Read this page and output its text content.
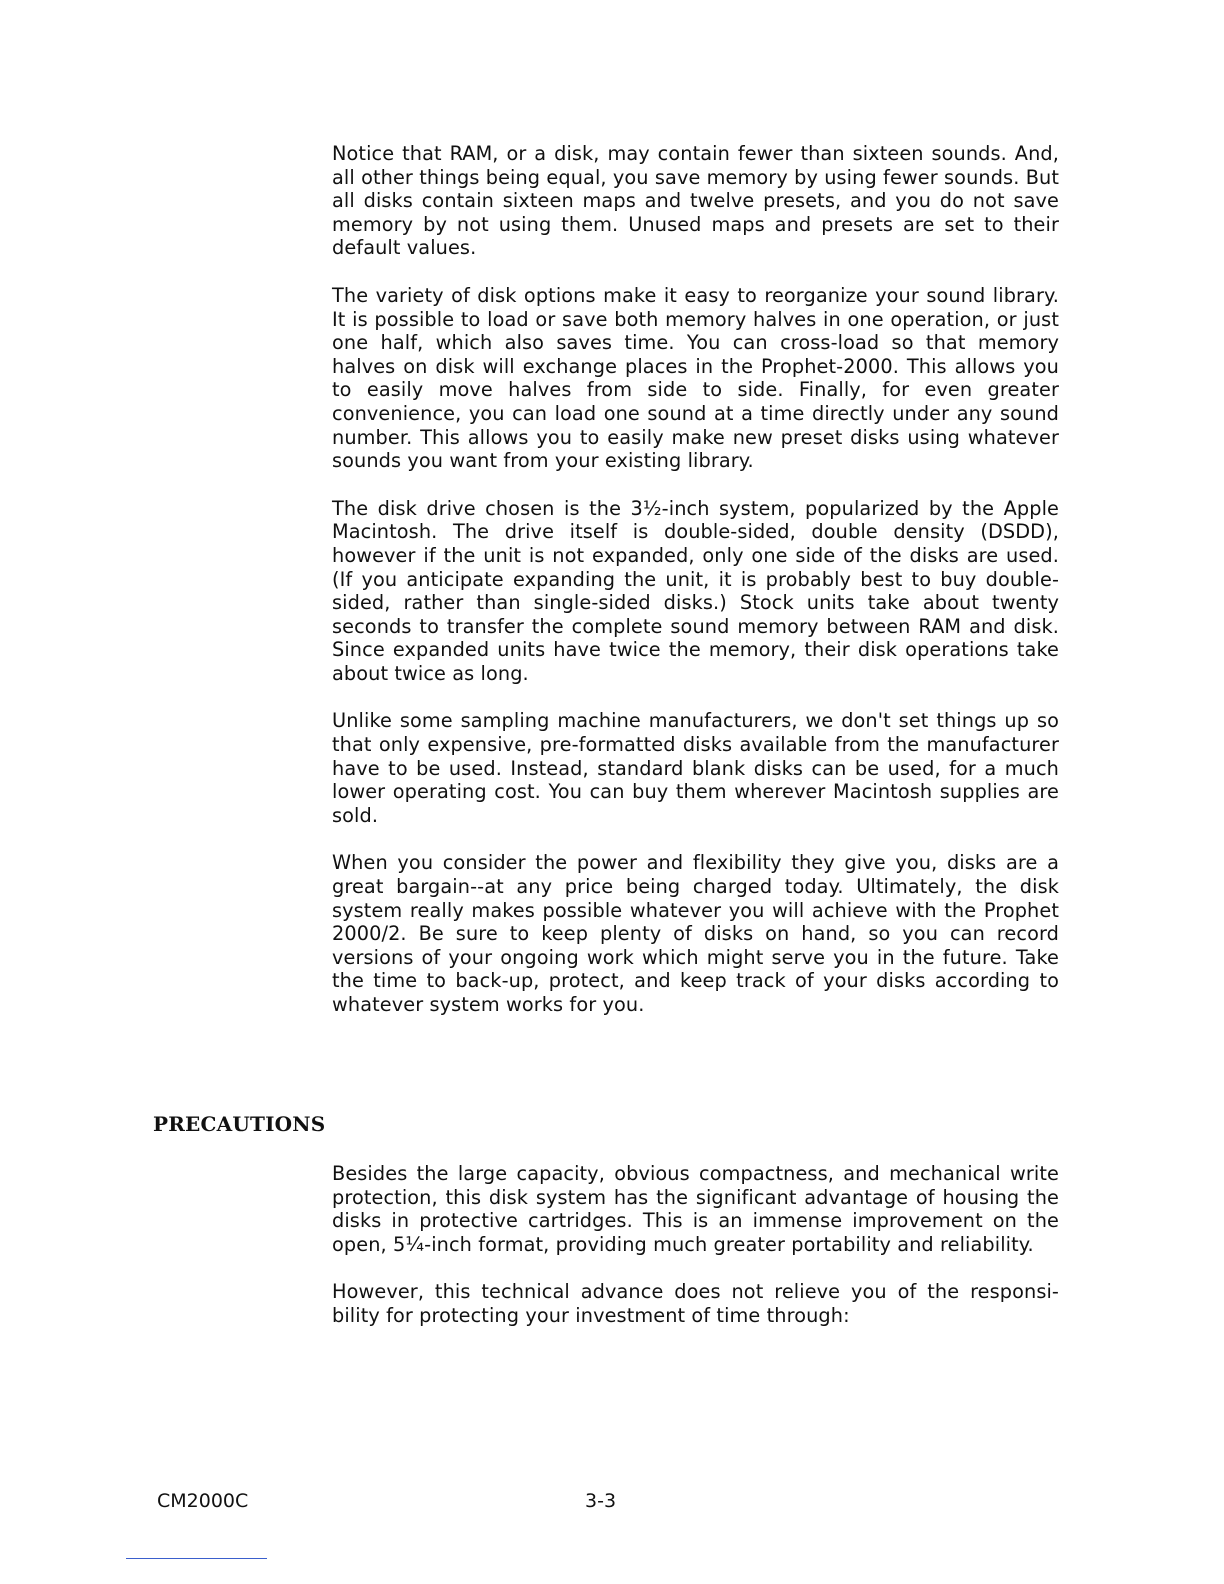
Notice that RAM, or a disk, may contain fewer than sixteen sounds. And, all other things being equal, you save memory by using fewer sounds. But all disks contain sixteen maps and twelve presets, and you do not save memory by not using them. Unused maps and presets are set to their default values.

The variety of disk options make it easy to reorganize your sound library. It is possible to load or save both memory halves in one operation, or just one half, which also saves time. You can cross-load so that memory halves on disk will exchange places in the Prophet-2000. This allows you to easily move halves from side to side. Finally, for even greater convenience, you can load one sound at a time directly under any sound number. This allows you to easily make new preset disks using whatever sounds you want from your existing library.

The disk drive chosen is the 3½-inch system, popularized by the Apple Macintosh. The drive itself is double-sided, double density (DSDD), however if the unit is not expanded, only one side of the disks are used. (If you anticipate expanding the unit, it is probably best to buy double-sided, rather than single-sided disks.) Stock units take about twenty seconds to transfer the complete sound memory between RAM and disk. Since expanded units have twice the memory, their disk operations take about twice as long.

Unlike some sampling machine manufacturers, we don't set things up so that only expensive, pre-formatted disks available from the manufacturer have to be used. Instead, standard blank disks can be used, for a much lower operating cost. You can buy them wherever Macintosh supplies are sold.

When you consider the power and flexibility they give you, disks are a great bargain--at any price being charged today. Ultimately, the disk system really makes possible whatever you will achieve with the Prophet 2000/2. Be sure to keep plenty of disks on hand, so you can record versions of your ongoing work which might serve you in the future. Take the time to back-up, protect, and keep track of your disks according to whatever system works for you.

PRECAUTIONS

Besides the large capacity, obvious compactness, and mechanical write protection, this disk system has the significant advantage of housing the disks in protective cartridges. This is an immense improvement on the open, 5¼-inch format, providing much greater portability and reliability.

However, this technical advance does not relieve you of the responsi-bility for protecting your investment of time through:

CM2000C	3-3
